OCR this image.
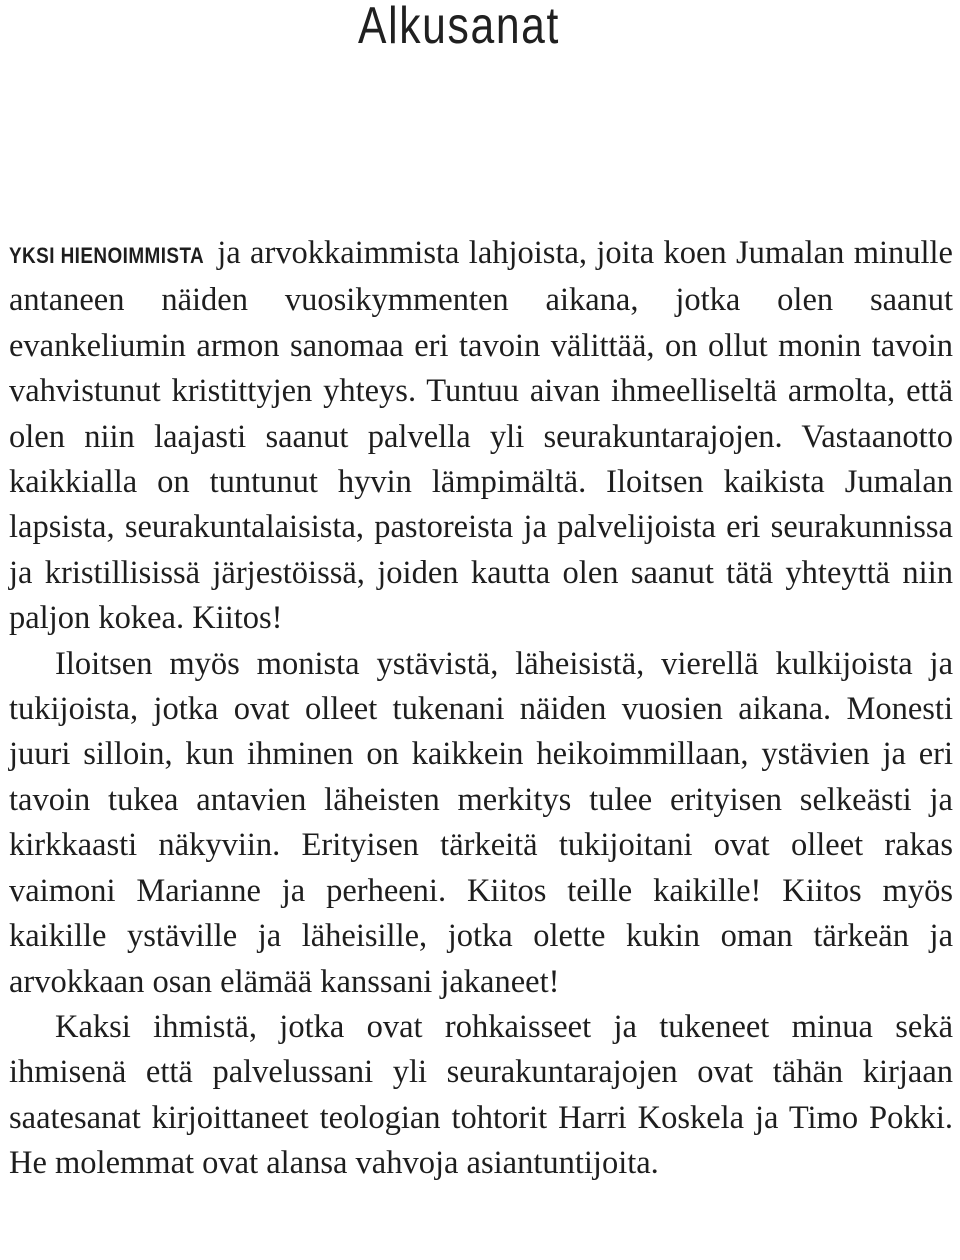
Alkusanat

YKSI HIENOIMMISTA ja arvokkaimmista lahjoista, joita koen Jumalan minulle antaneen näiden vuosikymmenten aikana, jotka olen saanut evankeliumin armon sanomaa eri tavoin välittää, on ollut monin tavoin vahvistunut kristittyjen yhteys. Tuntuu aivan ihmeelliseltä armolta, että olen niin laajasti saanut palvella yli seurakuntarajojen. Vastaanotto kaikkialla on tuntunut hyvin lämpimältä. Iloitsen kaikista Jumalan lapsista, seurakuntalaisista, pastoreista ja palvelijoista eri seurakunnissa ja kristillisissä järjestöissä, joiden kautta olen saanut tätä yhteyttä niin paljon kokea. Kiitos!

Iloitsen myös monista ystävistä, läheisistä, vierellä kulkijoista ja tukijoista, jotka ovat olleet tukenani näiden vuosien aikana. Monesti juuri silloin, kun ihminen on kaikkein heikoimmillaan, ystävien ja eri tavoin tukea antavien läheisten merkitys tulee erityisen selkeästi ja kirkkaasti näkyviin. Erityisen tärkeitä tukijoitani ovat olleet rakas vaimoni Marianne ja perheeni. Kiitos teille kaikille! Kiitos myös kaikille ystäville ja läheisille, jotka olette kukin oman tärkeän ja arvokkaan osan elämää kanssani jakaneet!

Kaksi ihmistä, jotka ovat rohkaisseet ja tukeneet minua sekä ihmisenä että palvelussani yli seurakuntarajojen ovat tähän kirjaan saatesanat kirjoittaneet teologian tohtorit Harri Koskela ja Timo Pokki. He molemmat ovat alansa vahvoja asiantuntijoita.
